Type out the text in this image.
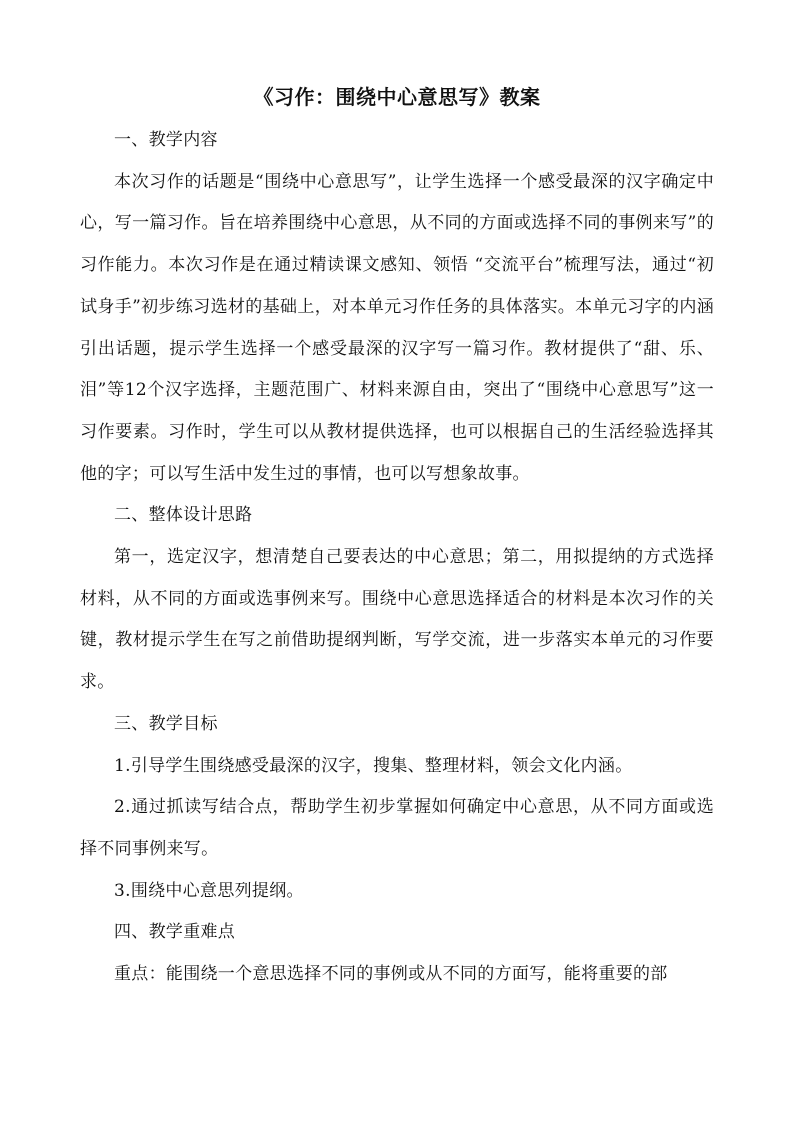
《习作：围绕中心意思写》教案
一、教学内容

本次习作的话题是“围绕中心意思写”，让学生选择一个感受最深的汉字确定中心，写一篇习作。旨在培养围绕中心意思，从不同的方面或选择不同的事例来写”的习作能力。本次习作是在通过精读课文感知、领悟 “交流平台”梳理写法，通过“初试身手”初步练习选材的基础上，对本单元习作任务的具体落实。本单元习字的内涵引出话题，提示学生选择一个感受最深的汉字写一篇习作。教材提供了“甜、乐、泪”等12个汉字选择，主题范围广、材料来源自由，突出了“围绕中心意思写”这一习作要素。习作时，学生可以从教材提供选择，也可以根据自己的生活经验选择其他的字；可以写生活中发生过的事情，也可以写想象故事。

二、整体设计思路

第一，选定汉字，想清楚自己要表达的中心意思；第二，用拟提纳的方式选择材料，从不同的方面或选事例来写。围绕中心意思选择适合的材料是本次习作的关键，教材提示学生在写之前借助提纲判断，写学交流，进一步落实本单元的习作要求。

三、教学目标

1.引导学生围绕感受最深的汉字，搜集、整理材料，领会文化内涵。

2.通过抓读写结合点，帮助学生初步掌握如何确定中心意思，从不同方面或选择不同事例来写。

3.围绕中心意思列提纲。

四、教学重难点

重点：能围绕一个意思选择不同的事例或从不同的方面写，能将重要的部
